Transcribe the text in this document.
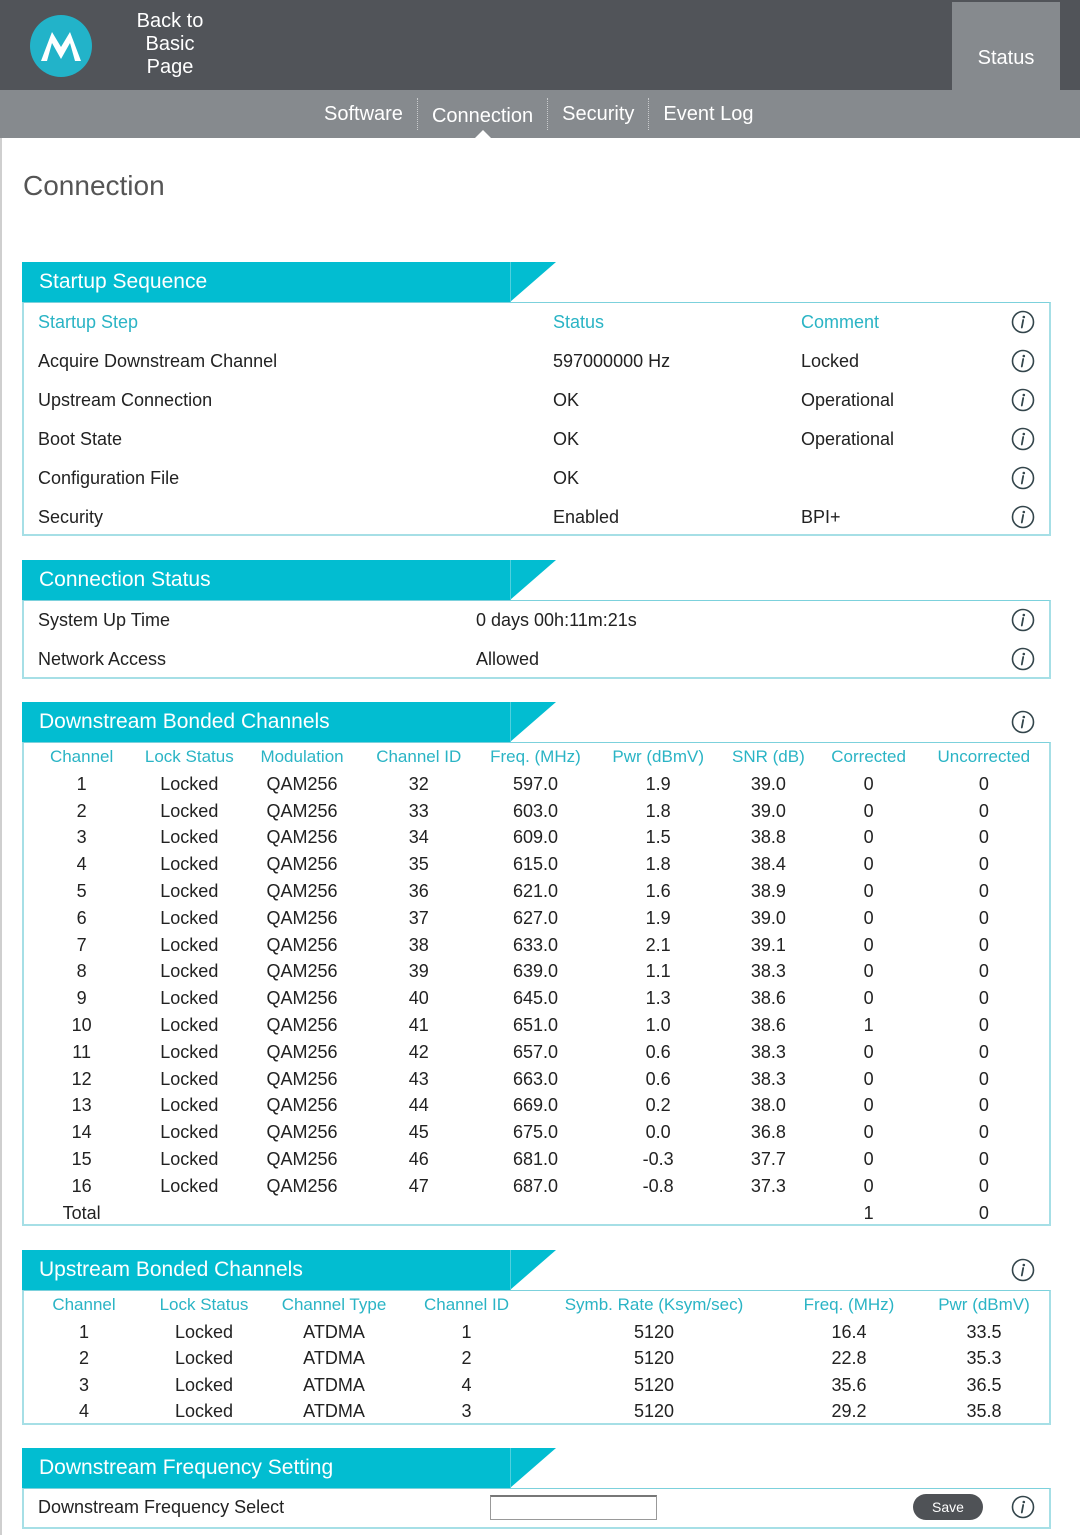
Back to
Basic
Page	Status
Software	Connection	Security	Event Log
Connection
Startup Sequence
Startup Step	Status	Comment
Acquire Downstream Channel	597000000 Hz	Locked
Upstream Connection	OK	Operational
Boot State	OK	Operational
Configuration File	OK
Security	Enabled	BPI+
Connection Status
System Up Time	0 days 00h:11m:21s
Network Access	Allowed
Downstream Bonded Channels
Channel	Lock Status	Modulation	Channel ID	Freq. (MHz)	Pwr (dBmV)	SNR (dB)	Corrected	Uncorrected
1	Locked	QAM256	32	597.0	1.9	39.0	0	0
2	Locked	QAM256	33	603.0	1.8	39.0	0	0
3	Locked	QAM256	34	609.0	1.5	38.8	0	0
4	Locked	QAM256	35	615.0	1.8	38.4	0	0
5	Locked	QAM256	36	621.0	1.6	38.9	0	0
6	Locked	QAM256	37	627.0	1.9	39.0	0	0
7	Locked	QAM256	38	633.0	2.1	39.1	0	0
8	Locked	QAM256	39	639.0	1.1	38.3	0	0
9	Locked	QAM256	40	645.0	1.3	38.6	0	0
10	Locked	QAM256	41	651.0	1.0	38.6	1	0
11	Locked	QAM256	42	657.0	0.6	38.3	0	0
12	Locked	QAM256	43	663.0	0.6	38.3	0	0
13	Locked	QAM256	44	669.0	0.2	38.0	0	0
14	Locked	QAM256	45	675.0	0.0	36.8	0	0
15	Locked	QAM256	46	681.0	-0.3	37.7	0	0
16	Locked	QAM256	47	687.0	-0.8	37.3	0	0
Total							1	0
Upstream Bonded Channels
Channel	Lock Status	Channel Type	Channel ID	Symb. Rate (Ksym/sec)	Freq. (MHz)	Pwr (dBmV)
1	Locked	ATDMA	1	5120	16.4	33.5
2	Locked	ATDMA	2	5120	22.8	35.3
3	Locked	ATDMA	4	5120	35.6	36.5
4	Locked	ATDMA	3	5120	29.2	35.8
Downstream Frequency Setting
Downstream Frequency Select	Save
